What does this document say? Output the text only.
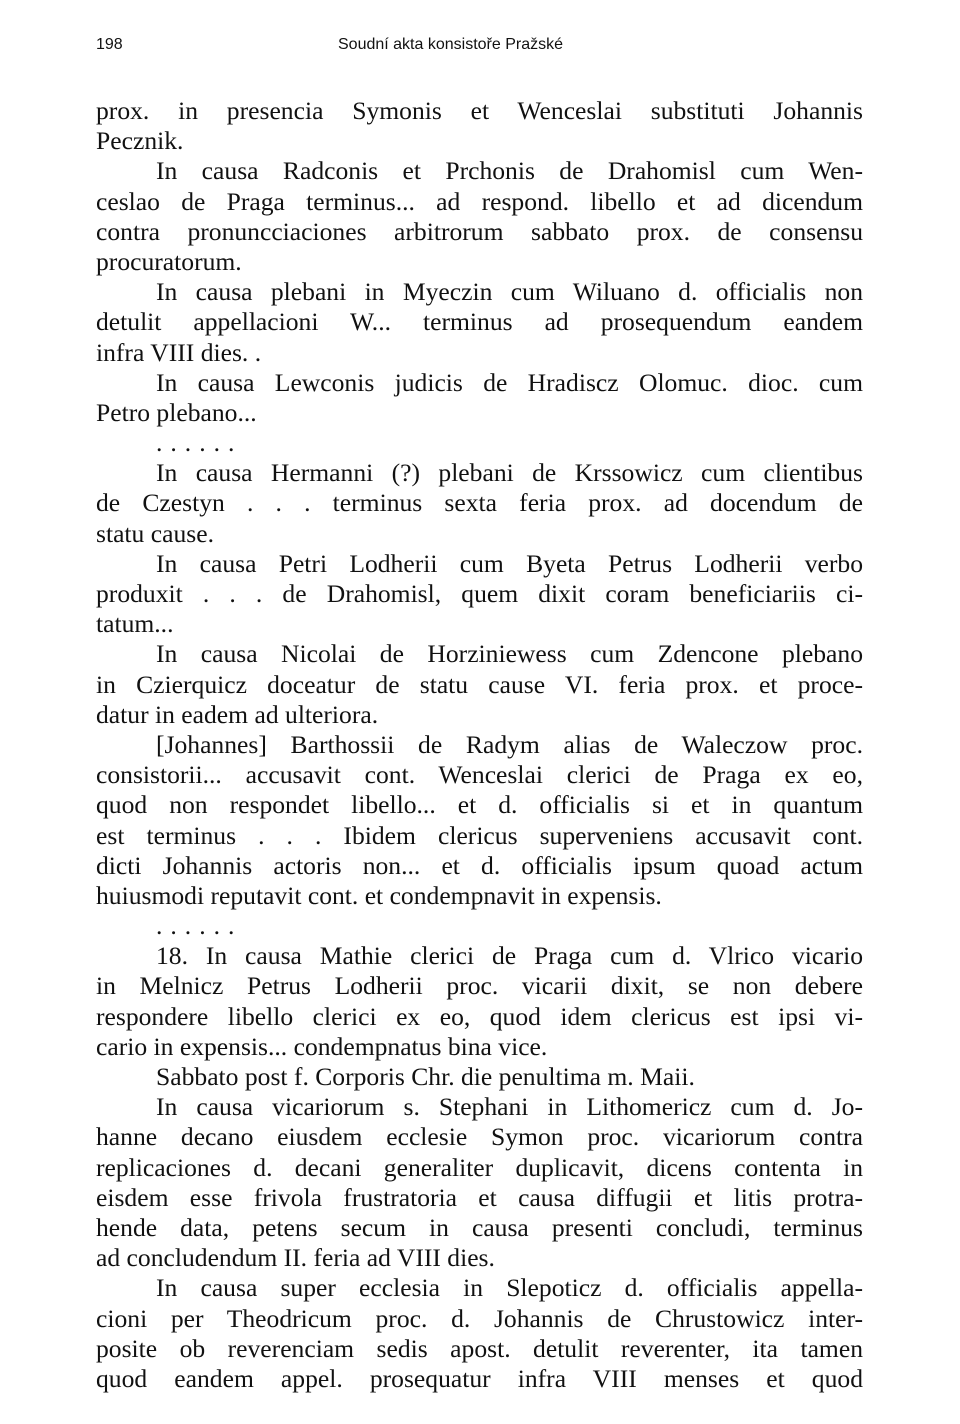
198	Soudní akta konsistoře Pražské
prox. in presencia Symonis et Wenceslai substituti Johannis
Pecznik.
In causa Radconis et Prchonis de Drahomisl cum Wen-
ceslao de Praga terminus... ad respond. libello et ad dicendum
contra pronuncciaciones arbitrorum sabbato prox. de consensu
procuratorum.
In causa plebani in Myeczin cum Wiluano d. officialis non
detulit appellacioni W... terminus ad prosequendum eandem
infra VIII dies. .
In causa Lewconis judicis de Hradiscz Olomuc. dioc. cum
Petro plebano...
......
In causa Hermanni (?) plebani de Krssowicz cum clientibus
de Czestyn . . . terminus sexta feria prox. ad docendum de
statu cause.
In causa Petri Lodherii cum Byeta Petrus Lodherii verbo
produxit . . . de Drahomisl, quem dixit coram beneficiariis ci-
tatum...
In causa Nicolai de Horziniewess cum Zdencone plebano
in Czierquicz doceatur de statu cause VI. feria prox. et proce-
datur in eadem ad ulteriora.
[Johannes] Barthossii de Radym alias de Waleczow proc.
consistorii... accusavit cont. Wenceslai clerici de Praga ex eo,
quod non respondet libello... et d. officialis si et in quantum
est terminus . . . Ibidem clericus superveniens accusavit cont.
dicti Johannis actoris non... et d. officialis ipsum quoad actum
huiusmodi reputavit cont. et condempnavit in expensis.
......
18. In causa Mathie clerici de Praga cum d. Vlrico vicario
in Melnicz Petrus Lodherii proc. vicarii dixit, se non debere
respondere libello clerici ex eo, quod idem clericus est ipsi vi-
cario in expensis... condempnatus bina vice.
Sabbato post f. Corporis Chr. die penultima m. Maii.
In causa vicariorum s. Stephani in Lithomericz cum d. Jo-
hanne decano eiusdem ecclesie Symon proc. vicariorum contra
replicaciones d. decani generaliter duplicavit, dicens contenta in
eisdem esse frivola frustratoria et causa diffugii et litis protra-
hende data, petens secum in causa presenti concludi, terminus
ad concludendum II. feria ad VIII dies.
In causa super ecclesia in Slepoticz d. officialis appella-
cioni per Theodricum proc. d. Johannis de Chrustowicz inter-
posite ob reverenciam sedis apost. detulit reverenter, ita tamen
quod eandem appel. prosequatur infra VIII menses et quod
